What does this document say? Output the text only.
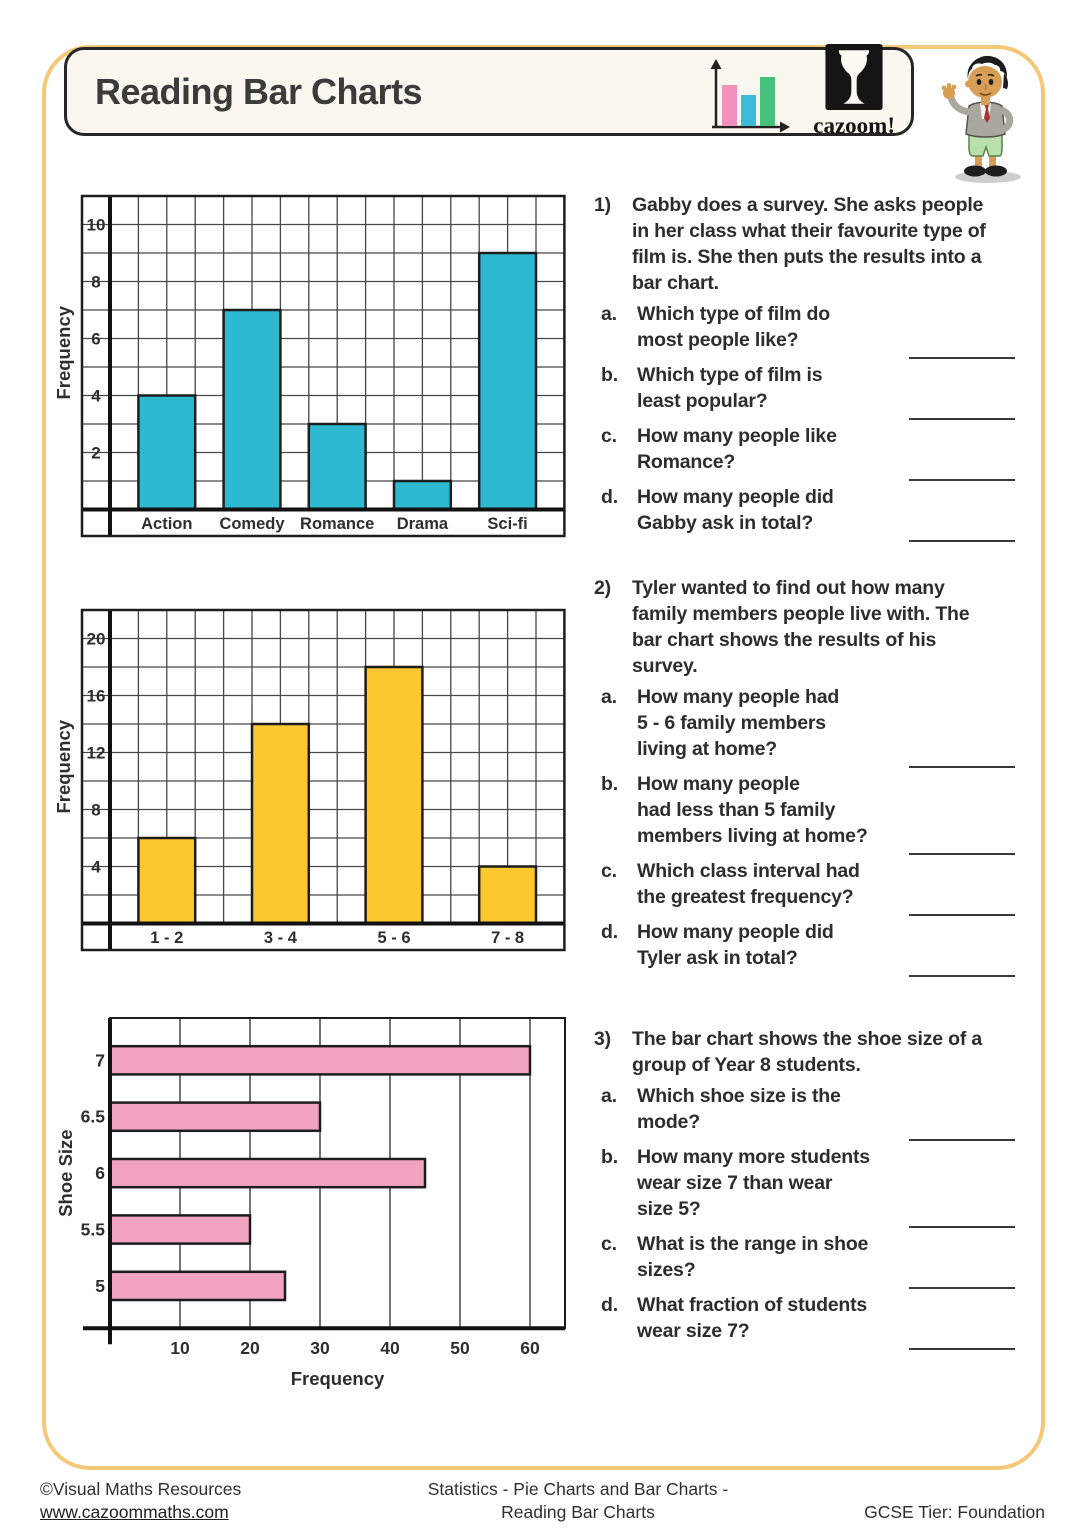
Reading Bar Charts
cazoom!
Action Comedy Romance Drama Sci-fi
2
4
6
8
10
Frequency
1 - 2	3 - 4	5 - 6	7 - 8
4
8
12
16
20
Frequency
7
6.5
6
5.5
5
10	20	30	40	50	60
Frequency
Shoe Size
1)	Gabby does a survey. She asks people
in her class what their favourite type of
film is. She then puts the results into a
bar chart.
a.	Which type of film do
most people like?
b. Which type of film is
least popular?
c.	How many people like
Romance?
d. How many people did
Gabby ask in total?
2)	Tyler wanted to find out how many
family members people live with. The
bar chart shows the results of his
survey.
a.	How many people had
5 - 6 family members
living at home?
b. How many people
had less than 5 family
members living at home?
c.	Which class interval had
the greatest frequency?
d. How many people did
Tyler ask in total?
3)	The bar chart shows the shoe size of a
group of Year 8 students.
a.	Which shoe size is the
mode?
b. How many more students
wear size 7 than wear
size 5?
c.	What is the range in shoe
sizes?
d. What fraction of students
wear size 7?
©Visual Maths Resources
www.cazoommaths.com
Statistics - Pie Charts and Bar Charts -
Reading Bar Charts	GCSE Tier: Foundation
